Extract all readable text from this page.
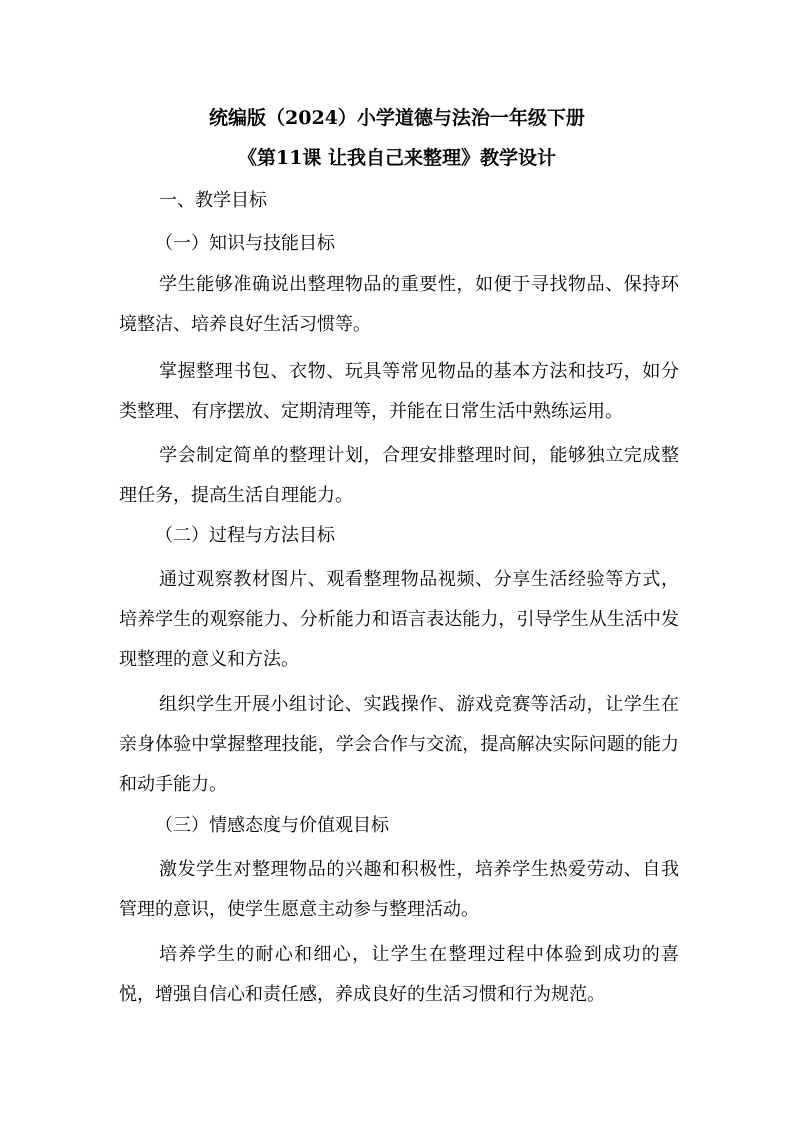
统编版（2024）小学道德与法治一年级下册
《第11课 让我自己来整理》教学设计
一、教学目标
（一）知识与技能目标
学生能够准确说出整理物品的重要性，如便于寻找物品、保持环境整洁、培养良好生活习惯等。
掌握整理书包、衣物、玩具等常见物品的基本方法和技巧，如分类整理、有序摆放、定期清理等，并能在日常生活中熟练运用。
学会制定简单的整理计划，合理安排整理时间，能够独立完成整理任务，提高生活自理能力。
（二）过程与方法目标
通过观察教材图片、观看整理物品视频、分享生活经验等方式，培养学生的观察能力、分析能力和语言表达能力，引导学生从生活中发现整理的意义和方法。
组织学生开展小组讨论、实践操作、游戏竞赛等活动，让学生在亲身体验中掌握整理技能，学会合作与交流，提高解决实际问题的能力和动手能力。
（三）情感态度与价值观目标
激发学生对整理物品的兴趣和积极性，培养学生热爱劳动、自我管理的意识，使学生愿意主动参与整理活动。
培养学生的耐心和细心，让学生在整理过程中体验到成功的喜悦，增强自信心和责任感，养成良好的生活习惯和行为规范。
